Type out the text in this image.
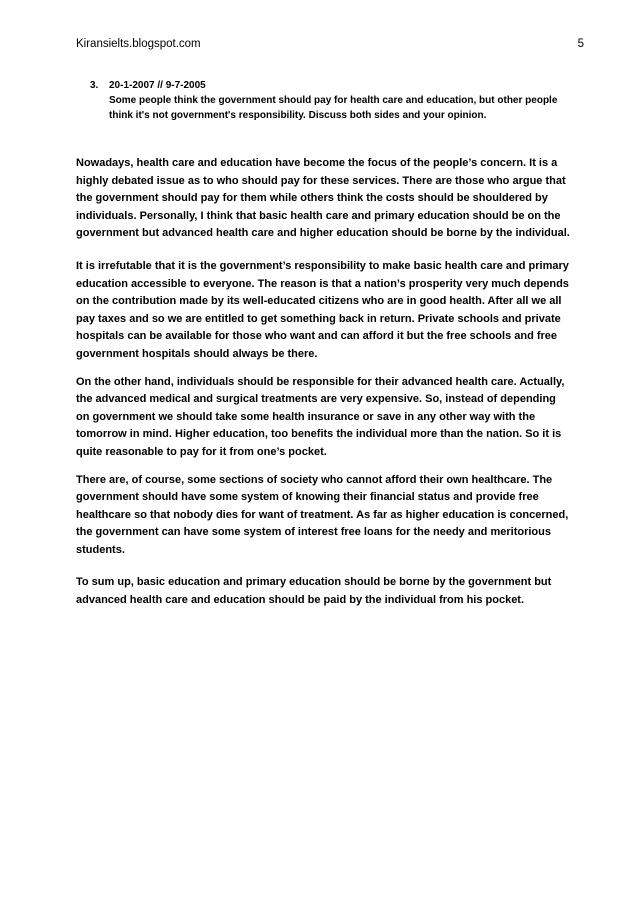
Kiransielts.blogspot.com	5
3. 20-1-2007 // 9-7-2005
Some people think the government should pay for health care and education, but other people think it's not government's responsibility. Discuss both sides and your opinion.

Nowadays, health care and education have become the focus of the people’s concern. It is a highly debated issue as to who should pay for these services. There are those who argue that the government should pay for them while others think the costs should be shouldered by individuals. Personally, I think that basic health care and primary education should be on the government but advanced health care and higher education should be borne by the individual.

It is irrefutable that it is the government’s responsibility to make basic health care and primary education accessible to everyone. The reason is that a nation’s prosperity very much depends on the contribution made by its well-educated citizens who are in good health. After all we all pay taxes and so we are entitled to get something back in return. Private schools and private hospitals can be available for those who want and can afford it but the free schools and free government hospitals should always be there.

On the other hand, individuals should be responsible for their advanced health care. Actually, the advanced medical and surgical treatments are very expensive. So, instead of depending on government we should take some health insurance or save in any other way with the tomorrow in mind. Higher education, too benefits the individual more than the nation. So it is quite reasonable to pay for it from one’s pocket.

There are, of course, some sections of society who cannot afford their own healthcare. The government should have some system of knowing their financial status and provide free healthcare so that nobody dies for want of treatment. As far as higher education is concerned, the government can have some system of interest free loans for the needy and meritorious students.

To sum up, basic education and primary education should be borne by the government but advanced health care and education should be paid by the individual from his pocket.
